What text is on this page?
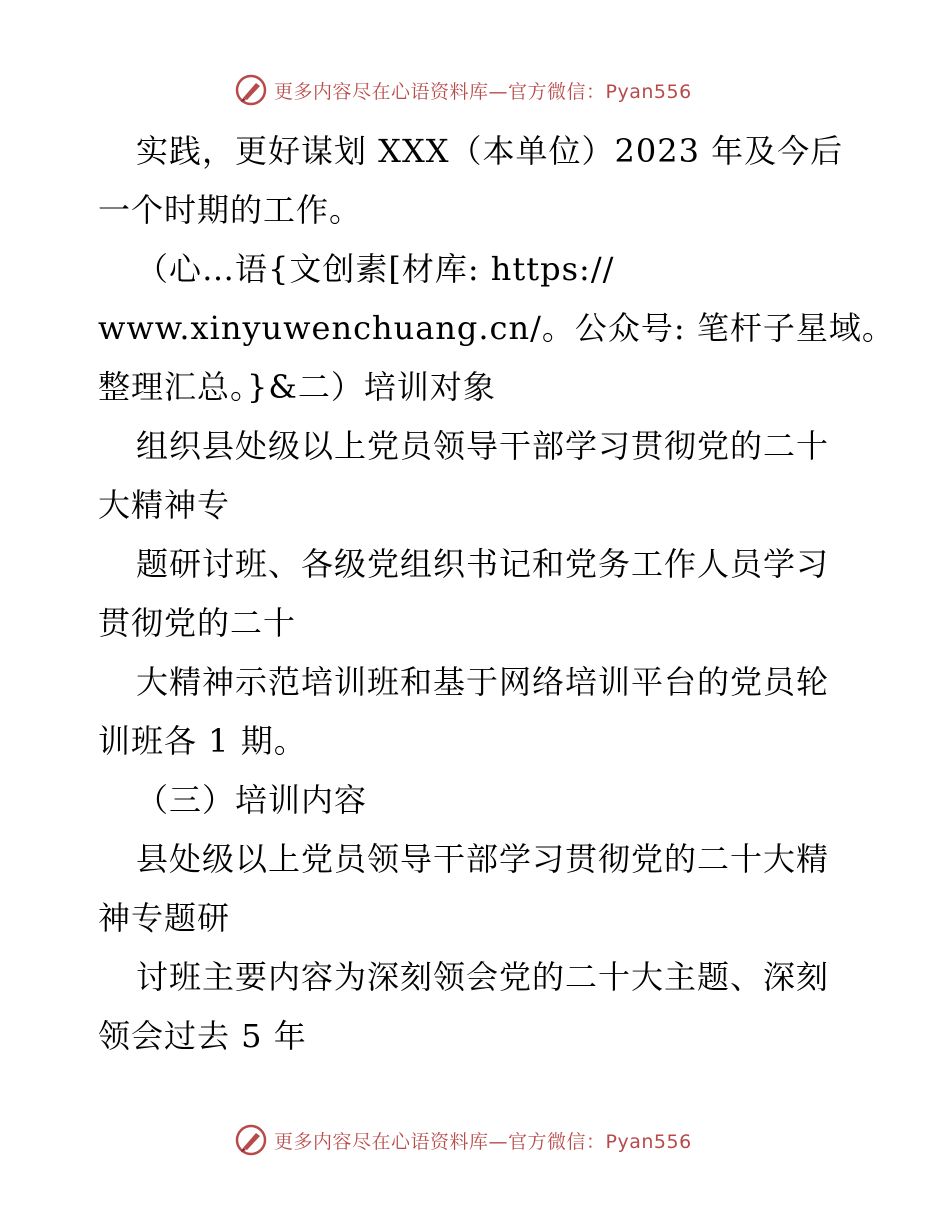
更多内容尽在心语资料库—官方微信：Pyan556
实践，更好谋划 XXX（本单位）2023 年及今后
一个时期的工作。
（心…语{文创素[材库: https://
www.xinyuwenchuang.cn/。公众号: 笔杆子星域。
整理汇总。}&二）培训对象
组织县处级以上党员领导干部学习贯彻党的二十
大精神专
题研讨班、各级党组织书记和党务工作人员学习
贯彻党的二十
大精神示范培训班和基于网络培训平台的党员轮
训班各 1 期。
（三）培训内容
县处级以上党员领导干部学习贯彻党的二十大精
神专题研
讨班主要内容为深刻领会党的二十大主题、深刻
领会过去 5 年
更多内容尽在心语资料库—官方微信：Pyan556
